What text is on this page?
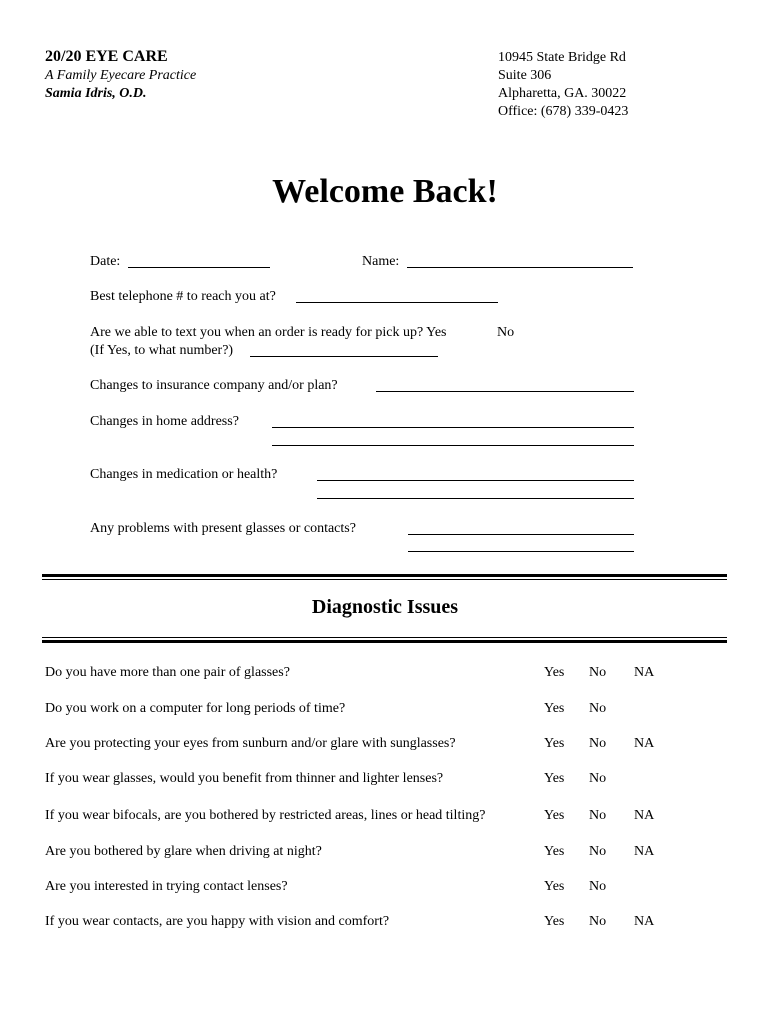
20/20 EYE CARE
A Family Eyecare Practice
Samia Idris, O.D.
10945 State Bridge Rd
Suite 306
Alpharetta, GA. 30022
Office: (678) 339-0423
Welcome Back!
Date:	Name:
Best telephone # to reach you at?
Are we able to text you when an order is ready for pick up? Yes	No
(If Yes, to what number?)
Changes to insurance company and/or plan?
Changes in home address?
Changes in medication or health?
Any problems with present glasses or contacts?
Diagnostic Issues
Do you have more than one pair of glasses?	Yes No NA
Do you work on a computer for long periods of time?	Yes No
Are you protecting your eyes from sunburn and/or glare with sunglasses?	Yes No NA
If you wear glasses, would you benefit from thinner and lighter lenses?	Yes No
If you wear bifocals, are you bothered by restricted areas, lines or head tilting?	Yes No NA
Are you bothered by glare when driving at night?	Yes No NA
Are you interested in trying contact lenses?	Yes No
If you wear contacts, are you happy with vision and comfort?	Yes No NA
